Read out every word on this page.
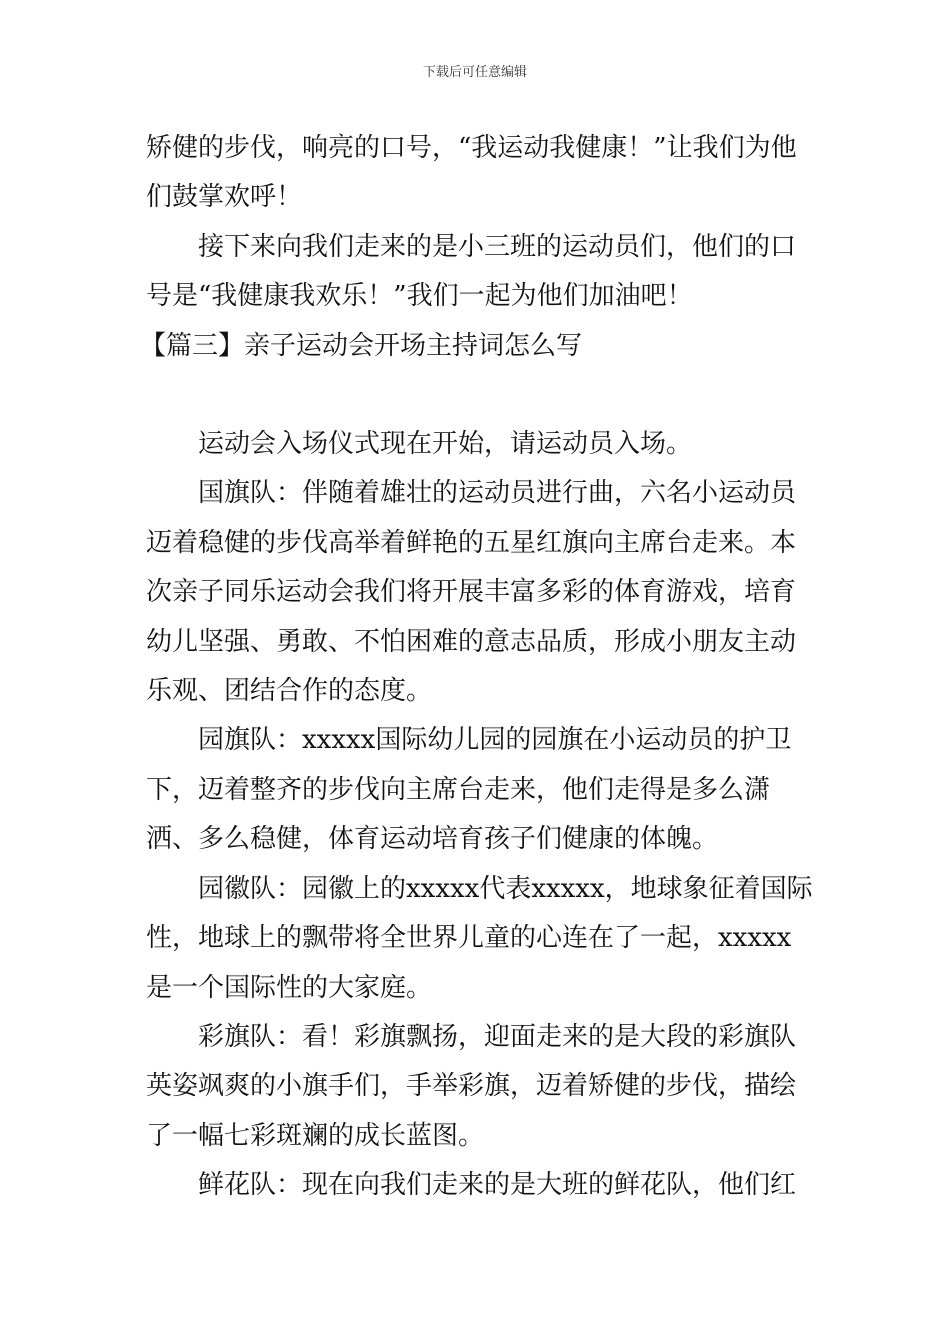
下载后可任意编辑

矫健的步伐，响亮的口号，“我运动我健康！”让我们为他们鼓掌欢呼！

接下来向我们走来的是小三班的运动员们，他们的口号是“我健康我欢乐！”我们一起为他们加油吧！

【篇三】亲子运动会开场主持词怎么写

运动会入场仪式现在开始，请运动员入场。

国旗队：伴随着雄壮的运动员进行曲，六名小运动员迈着稳健的步伐高举着鲜艳的五星红旗向主席台走来。本次亲子同乐运动会我们将开展丰富多彩的体育游戏，培育幼儿坚强、勇敢、不怕困难的意志品质，形成小朋友主动乐观、团结合作的态度。

园旗队：xxxxx国际幼儿园的园旗在小运动员的护卫下，迈着整齐的步伐向主席台走来，他们走得是多么潇洒、多么稳健，体育运动培育孩子们健康的体魄。

园徽队：园徽上的xxxxx代表xxxxx，地球象征着国际性，地球上的飘带将全世界儿童的心连在了一起，xxxxx是一个国际性的大家庭。

彩旗队：看！彩旗飘扬，迎面走来的是大段的彩旗队英姿飒爽的小旗手们，手举彩旗，迈着矫健的步伐，描绘了一幅七彩斑斓的成长蓝图。

鲜花队：现在向我们走来的是大班的鲜花队，他们红
